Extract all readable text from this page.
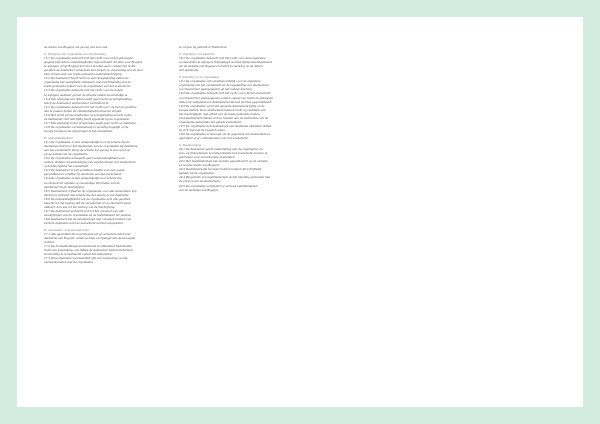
de datum van Bogapd, als gevolg van een cats.
O. Wijziging van organisatie en terugbetaling
15.1 De organisatie behoudt zich het recht voor al het gebouwde,
wegens bijzondere omstandigheden (bijvoorbeeld: de data voor Bogapd
te wijzigen of het Bogapd niet door te laten gaan, zonder dat in die
gevallen de deelnemer aanspraak kan maken op vergoeding van de door
hem of haar dan ook reeds gemaakte kosten/inschrijving.
15.2 De deelnemer heeft recht op een terugbetaling indien de
organisatie het evenement annuleert, met inachtneming van de
reeds gemaakte kosten voor de organisatie van het evenement.
15.3 De organisatie behoudt zich het recht voor de datum
te wijzigen wanneer gezien de situatie uitstel noodzakelijk is.
15.4 Een wijziging van datum geeft geen recht op terugbetaling,
tenzij de deelnemer aantoonbaar verhinderd is.
15.5 De organisatie behoudt zich het recht voor om het programma
aan te passen indien de omstandigheden daarom vragen.
15.6 Het recht van de deelnemer op terugbetaling vervalt zodra
de deelnemer zich niet tijdig heeft afgemeld bij de organisatie.
15.7 Een wijziging in het programma geeft geen recht op restitutie.
15.8 De organisatie zal deelnemers zo spoedig mogelijk op de
hoogte brengen van wijzigingen in het evenement.
H. Aansprakelijkheid
16.1 De organisatie is niet aansprakelijk voor de schade die de
deelnemer lijdt door het deelnemen aan de organisatie bij deelname
aan het evenement, tenzij de schade het gevolg is van opzet of
grove schuld van de organisatie.
16.2 De organisatie aanvaardt geen aansprakelijkheid voor
verlies, diefstal of beschadiging van eigendommen van deelnemers
of derden tijdens het evenement.
16.3 De deelnemer is zelf verantwoordelijk voor een goede
gezondheid en conditie bij deelname aan het evenement.
16.4 De organisatie is niet aansprakelijk voor schade die
voortvloeit uit onjuiste of onvolledige informatie van de
deelnemer bij de inschrijving.
16.5 Deelnemers vrijwaren de organisatie voor alle aanspraken van
derden in verband met schade die het gevolg is van deelname.
16.6 De aansprakelijkheid van de organisatie is in alle gevallen
beperkt tot het bedrag dat de verzekeraar in voorkomend geval
uitkeert, dan wel tot het bedrag van de inschrijving.
16.7 De deelnemer verplicht zich tot het opvolgen van alle
aanwijzingen van de organisatie en de hulpdiensten ter plaatse.
16.8 Deelnemers die de aanwijzingen niet opvolgen kunnen van
verdere deelname aan het evenement worden uitgesloten.
B. Geschillen / Toepasselijk recht
17.1 Alle geschillen die voortvloeien uit of verband houden met
deelname aan Bogapd, zullen worden voorgelegd aan de bevoegde
rechter.
17.2 Op de deelnemingsovereenkomst is uitsluitend Nederlands
recht van toepassing, ook indien de deelnemer buiten Nederland
woonachtig is of deelneemt vanuit het buitenland.
17.3 Deze algemene voorwaarden zijn van toepassing op alle
overeenkomsten met de organisatie.
te zorgen bij gebruik in Rotterdam.
N. Wijziging voorwaarden
18.1 De organisatie behoudt zich het recht voor deze algemene
voorwaarden te wijzigen. Wijzigingen worden tijdig bekendgemaakt
via de website van Bogapd en treden in werking op de datum
van publicatie.
P. Inleiding tot de organisatie
19.1 De organisatie zijn verantwoordelijk voor de algemene
organisatie van het evenement en de begeleiding van deelnemers
(voorbeeld hier weergegeven) en het beheer daarvan.
19.2 De organisatie behoudt zich het recht voor om het evenement
(voorbeeld hier weergegeven) zonder opgaaf van reden te annuleren
indien de veiligheid van deelnemers niet kan worden gegarandeerd.
19.3 De organisatie zal in dat geval de deelnemers tijdig op de
hoogte stellen. Deze deelnemers hebben recht op restitutie van
het inschrijfgeld, met aftrek van de reeds gemaakte kosten.
19.4 Deelnemers dienen zich te houden aan de instructies van de
organisatie gedurende het gehele evenement.
19.5 De organisatie kan deelnemers van deelname uitsluiten indien
zij zich niet aan de regels houden.
19.6 De organisatie is bevoegd om de gegevens van deelnemers te
gebruiken voor communicatie over het evenement.
G. Beeldopname
20.1 De deelnemer geeft toestemming aan de organisatie om
foto- en filmopnamen te maken tijdens het evenement en deze te
gebruiken voor promotionele doeleinden.
20.2 Het beeldmateriaal kan worden gepubliceerd op de website
en sociale media van Bogapd.
20.3 Deelnemers die bezwaar hebben kunnen dit schriftelijk
melden bij de organisatie.
20.4 Bij gebruik van beeldmateriaal wordt rekening gehouden met
de privacy van de deelnemers;
20.5 De organisatie verwijdert op verzoek beeldmateriaal
van de websites van Bogapd.
